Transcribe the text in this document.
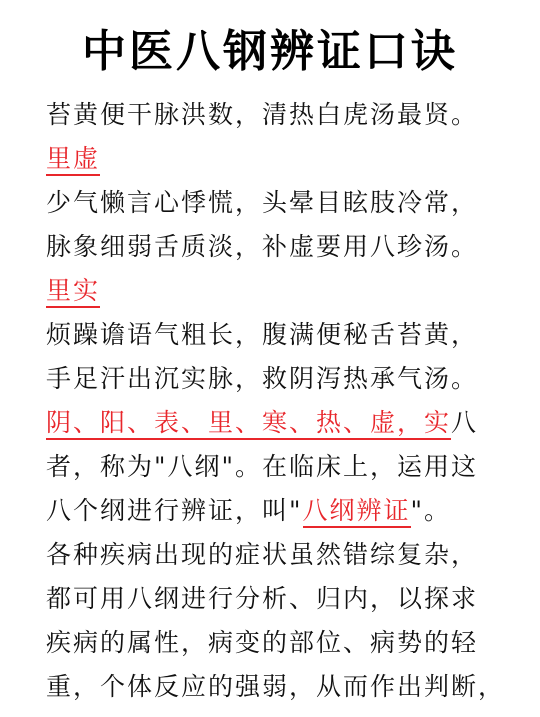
中医八钢辨证口诀
苔黄便干脉洪数，清热白虎汤最贤。
里虚
少气懒言心悸慌，头晕目眩肢冷常，
脉象细弱舌质淡，补虚要用八珍汤。
里实
烦躁谵语气粗长，腹满便秘舌苔黄，
手足汗出沉实脉，救阴泻热承气汤。
阴、阳、表、里、寒、热、虚，实八
者，称为"八纲"。在临床上，运用这
八个纲进行辨证，叫"八纲辨证"。
各种疾病出现的症状虽然错综复杂，
都可用八纲进行分析、归内，以探求
疾病的属性，病变的部位、病势的轻
重，个体反应的强弱，从而作出判断，
